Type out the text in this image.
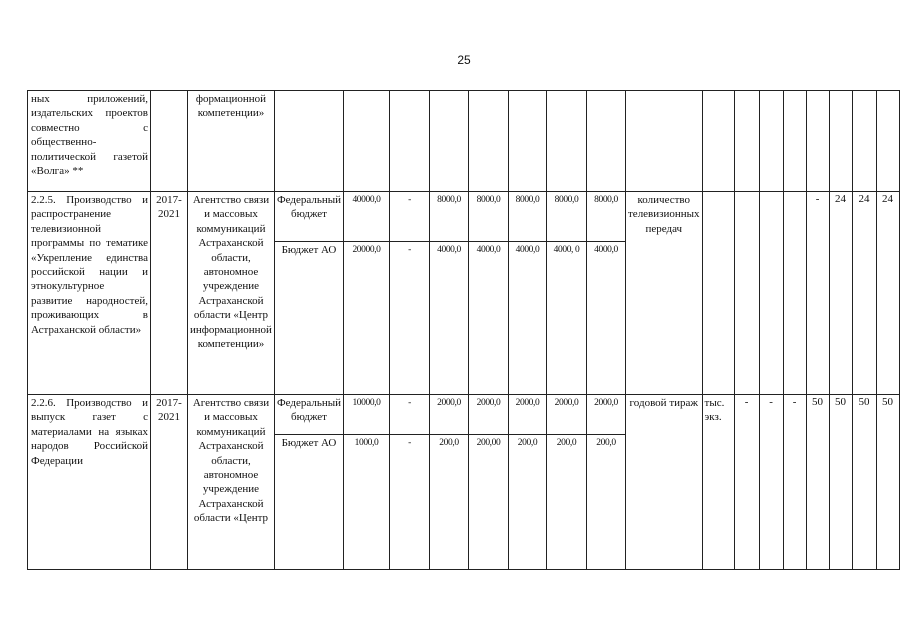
25
ных приложений, издательских проектов совместно с общественно-политической газетой «Волга» **		формационной компетенции»																	
2.2.5. Производство и распространение телевизионной программы по тематике «Укрепление единства российской нации и этнокультурное развитие народностей, проживающих в Астраханской области»	2017-2021	Агентство связи и массовых коммуникаций Астраханской области, автономное учреждение Астраханской области «Центр информационной компетенции»	Федеральный бюджет	40000,0	-	8000,0	8000,0	8000,0	8000,0	8000,0	количество телевизионных передач					-	24	24	24
			Бюджет АО	20000,0	-	4000,0	4000,0	4000,0	4000, 0	4000,0									
2.2.6. Производство и выпуск газет с материалами на языках народов Российской Федерации	2017-2021	Агентство связи и массовых коммуникаций Астраханской области, автономное учреждение Астраханской области «Центр	Федеральный бюджет	10000,0	-	2000,0	2000,0	2000,0	2000,0	2000,0	годовой тираж	тыс. экз.	-	-	-	50	50	50	50
			Бюджет АО	1000,0	-	200,0	200,00	200,0	200,0	200,0									
